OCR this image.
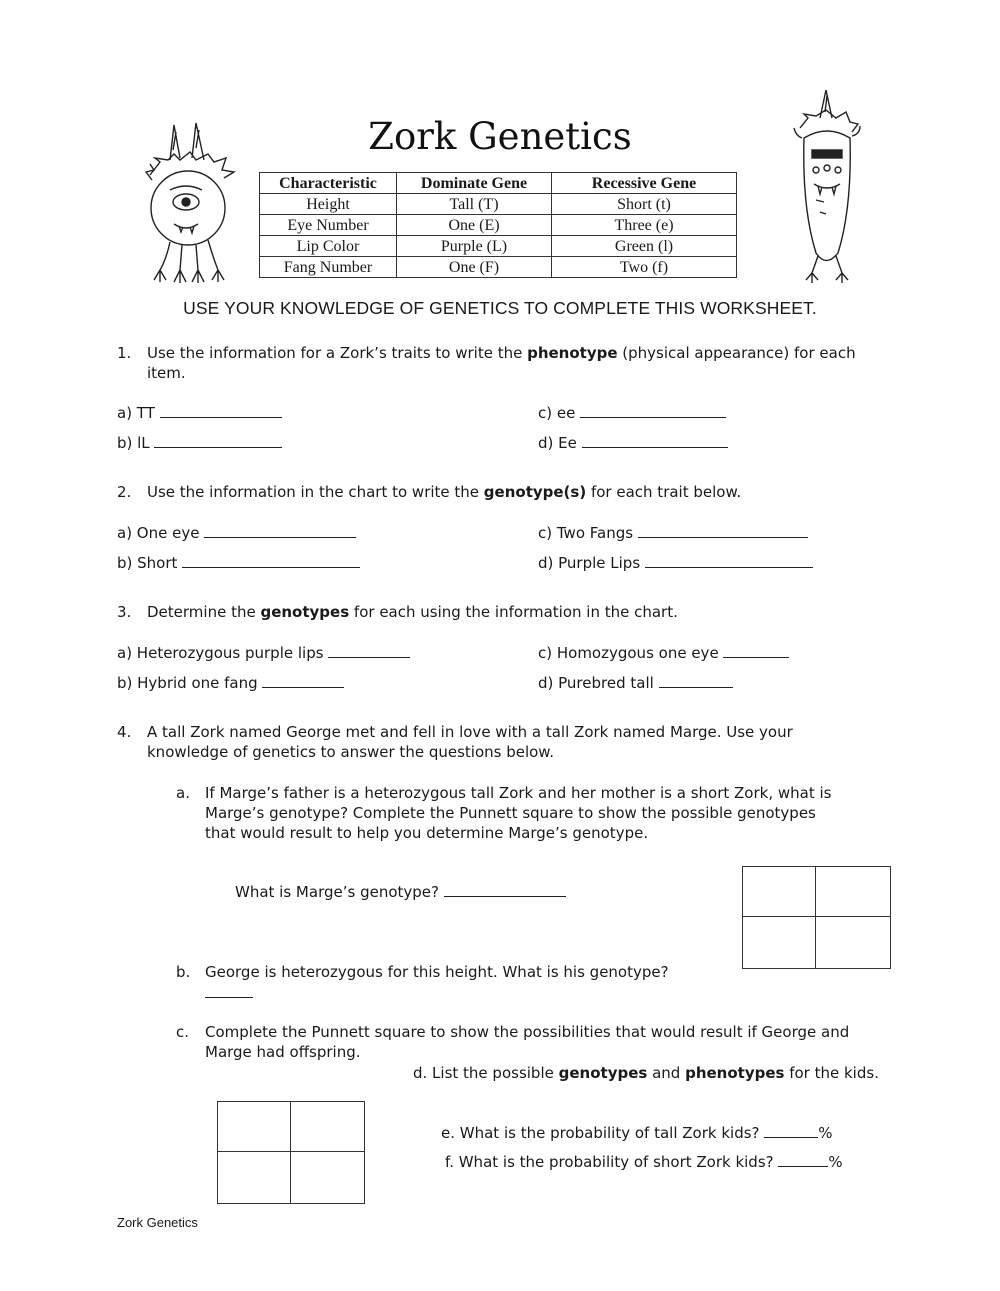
Zork Genetics
Characteristic	Dominate Gene	Recessive Gene
Height	Tall (T)	Short (t)
Eye Number	One (E)	Three (e)
Lip Color	Purple (L)	Green (l)
Fang Number	One (F)	Two (f)
USE YOUR KNOWLEDGE OF GENETICS TO COMPLETE THIS WORKSHEET.
1. Use the information for a Zork’s traits to write the phenotype (physical appearance) for each
item.
a) TT	c) ee
b) lL	d) Ee
2. Use the information in the chart to write the genotype(s) for each trait below.
a) One eye	c) Two Fangs
b) Short	d) Purple Lips
3. Determine the genotypes for each using the information in the chart.
a) Heterozygous purple lips	c) Homozygous one eye
b) Hybrid one fang	d) Purebred tall
4. A tall Zork named George met and fell in love with a tall Zork named Marge. Use your
knowledge of genetics to answer the questions below.
a. If Marge’s father is a heterozygous tall Zork and her mother is a short Zork, what is
Marge’s genotype? Complete the Punnett square to show the possible genotypes
that would result to help you determine Marge’s genotype.
What is Marge’s genotype?
b. George is heterozygous for this height. What is his genotype?
c. Complete the Punnett square to show the possibilities that would result if George and
Marge had offspring.
d. List the possible genotypes and phenotypes for the kids.
e. What is the probability of tall Zork kids?	%
f. What is the probability of short Zork kids?	%
Zork Genetics
